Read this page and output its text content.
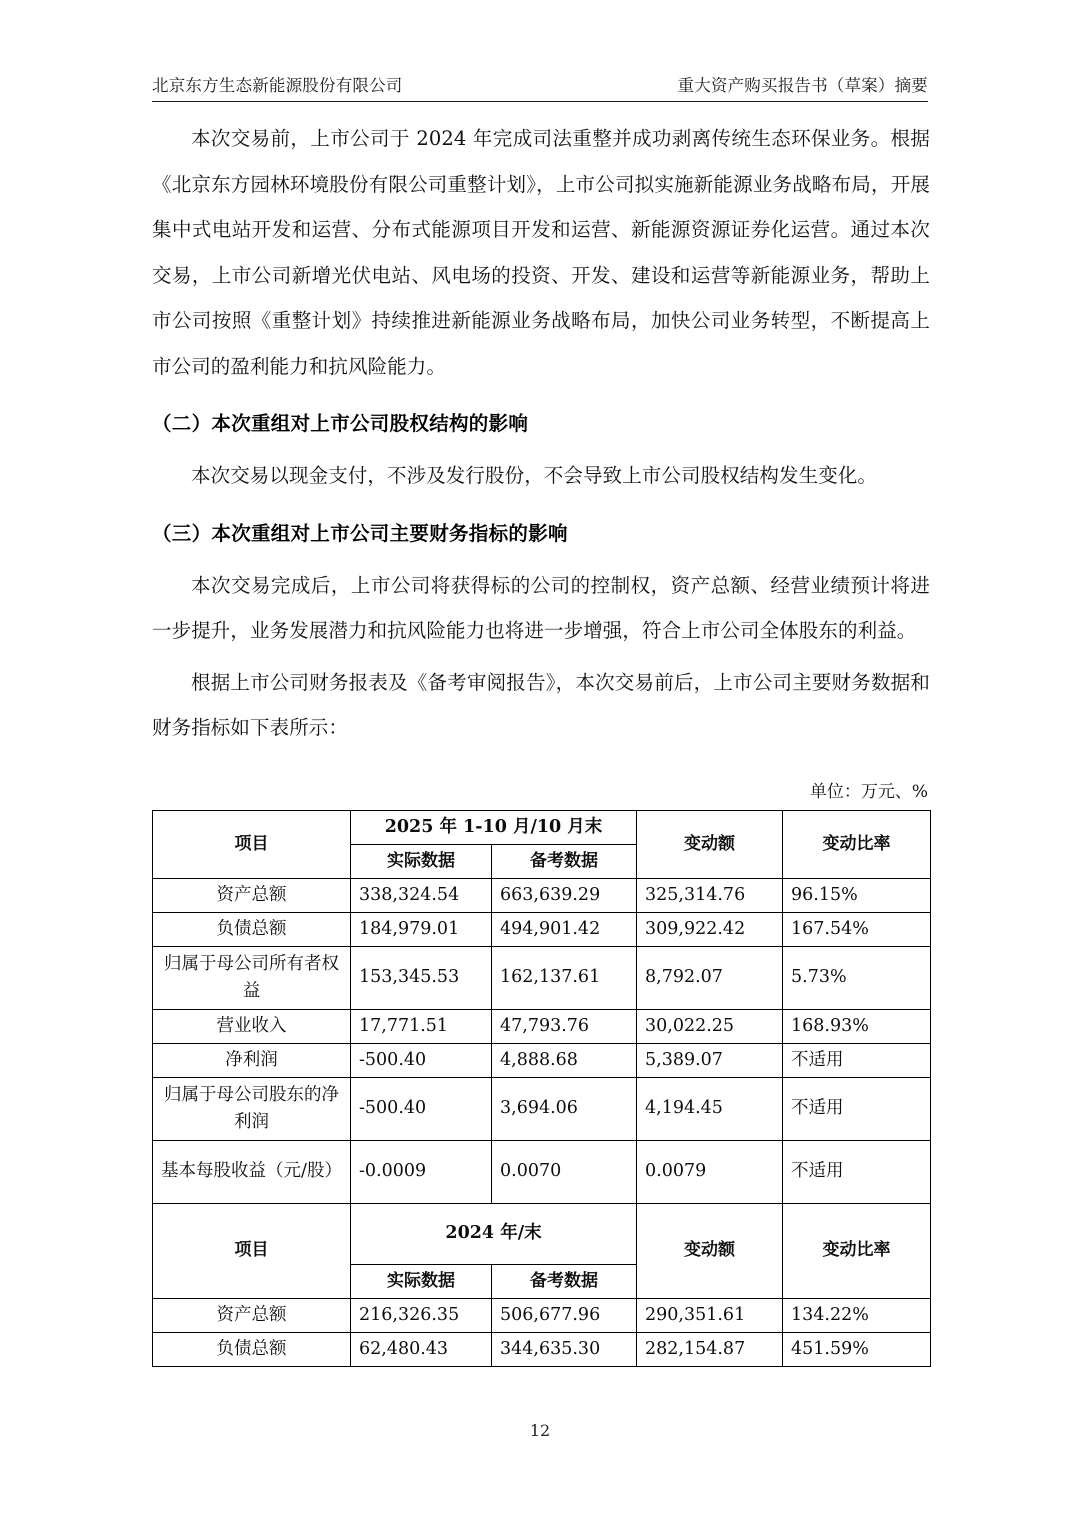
北京东方生态新能源股份有限公司	重大资产购买报告书（草案）摘要

本次交易前，上市公司于 2024 年完成司法重整并成功剥离传统生态环保业务。根据《北京东方园林环境股份有限公司重整计划》，上市公司拟实施新能源业务战略布局，开展集中式电站开发和运营、分布式能源项目开发和运营、新能源资源证券化运营。通过本次交易，上市公司新增光伏电站、风电场的投资、开发、建设和运营等新能源业务，帮助上市公司按照《重整计划》持续推进新能源业务战略布局，加快公司业务转型，不断提高上市公司的盈利能力和抗风险能力。

（二）本次重组对上市公司股权结构的影响

本次交易以现金支付，不涉及发行股份，不会导致上市公司股权结构发生变化。

（三）本次重组对上市公司主要财务指标的影响

本次交易完成后，上市公司将获得标的公司的控制权，资产总额、经营业绩预计将进一步提升，业务发展潜力和抗风险能力也将进一步增强，符合上市公司全体股东的利益。

根据上市公司财务报表及《备考审阅报告》，本次交易前后，上市公司主要财务数据和财务指标如下表所示：

单位：万元、%
项目	2025 年 1-10 月/10 月末		变动额	变动比率
	实际数据	备考数据		
资产总额	338,324.54	663,639.29	325,314.76	96.15%
负债总额	184,979.01	494,901.42	309,922.42	167.54%
归属于母公司所有者权益	153,345.53	162,137.61	8,792.07	5.73%
营业收入	17,771.51	47,793.76	30,022.25	168.93%
净利润	-500.40	4,888.68	5,389.07	不适用
归属于母公司股东的净利润	-500.40	3,694.06	4,194.45	不适用
基本每股收益（元/股）	-0.0009	0.0070	0.0079	不适用
项目	2024 年/末		变动额	变动比率
	实际数据	备考数据		
资产总额	216,326.35	506,677.96	290,351.61	134.22%
负债总额	62,480.43	344,635.30	282,154.87	451.59%
12
